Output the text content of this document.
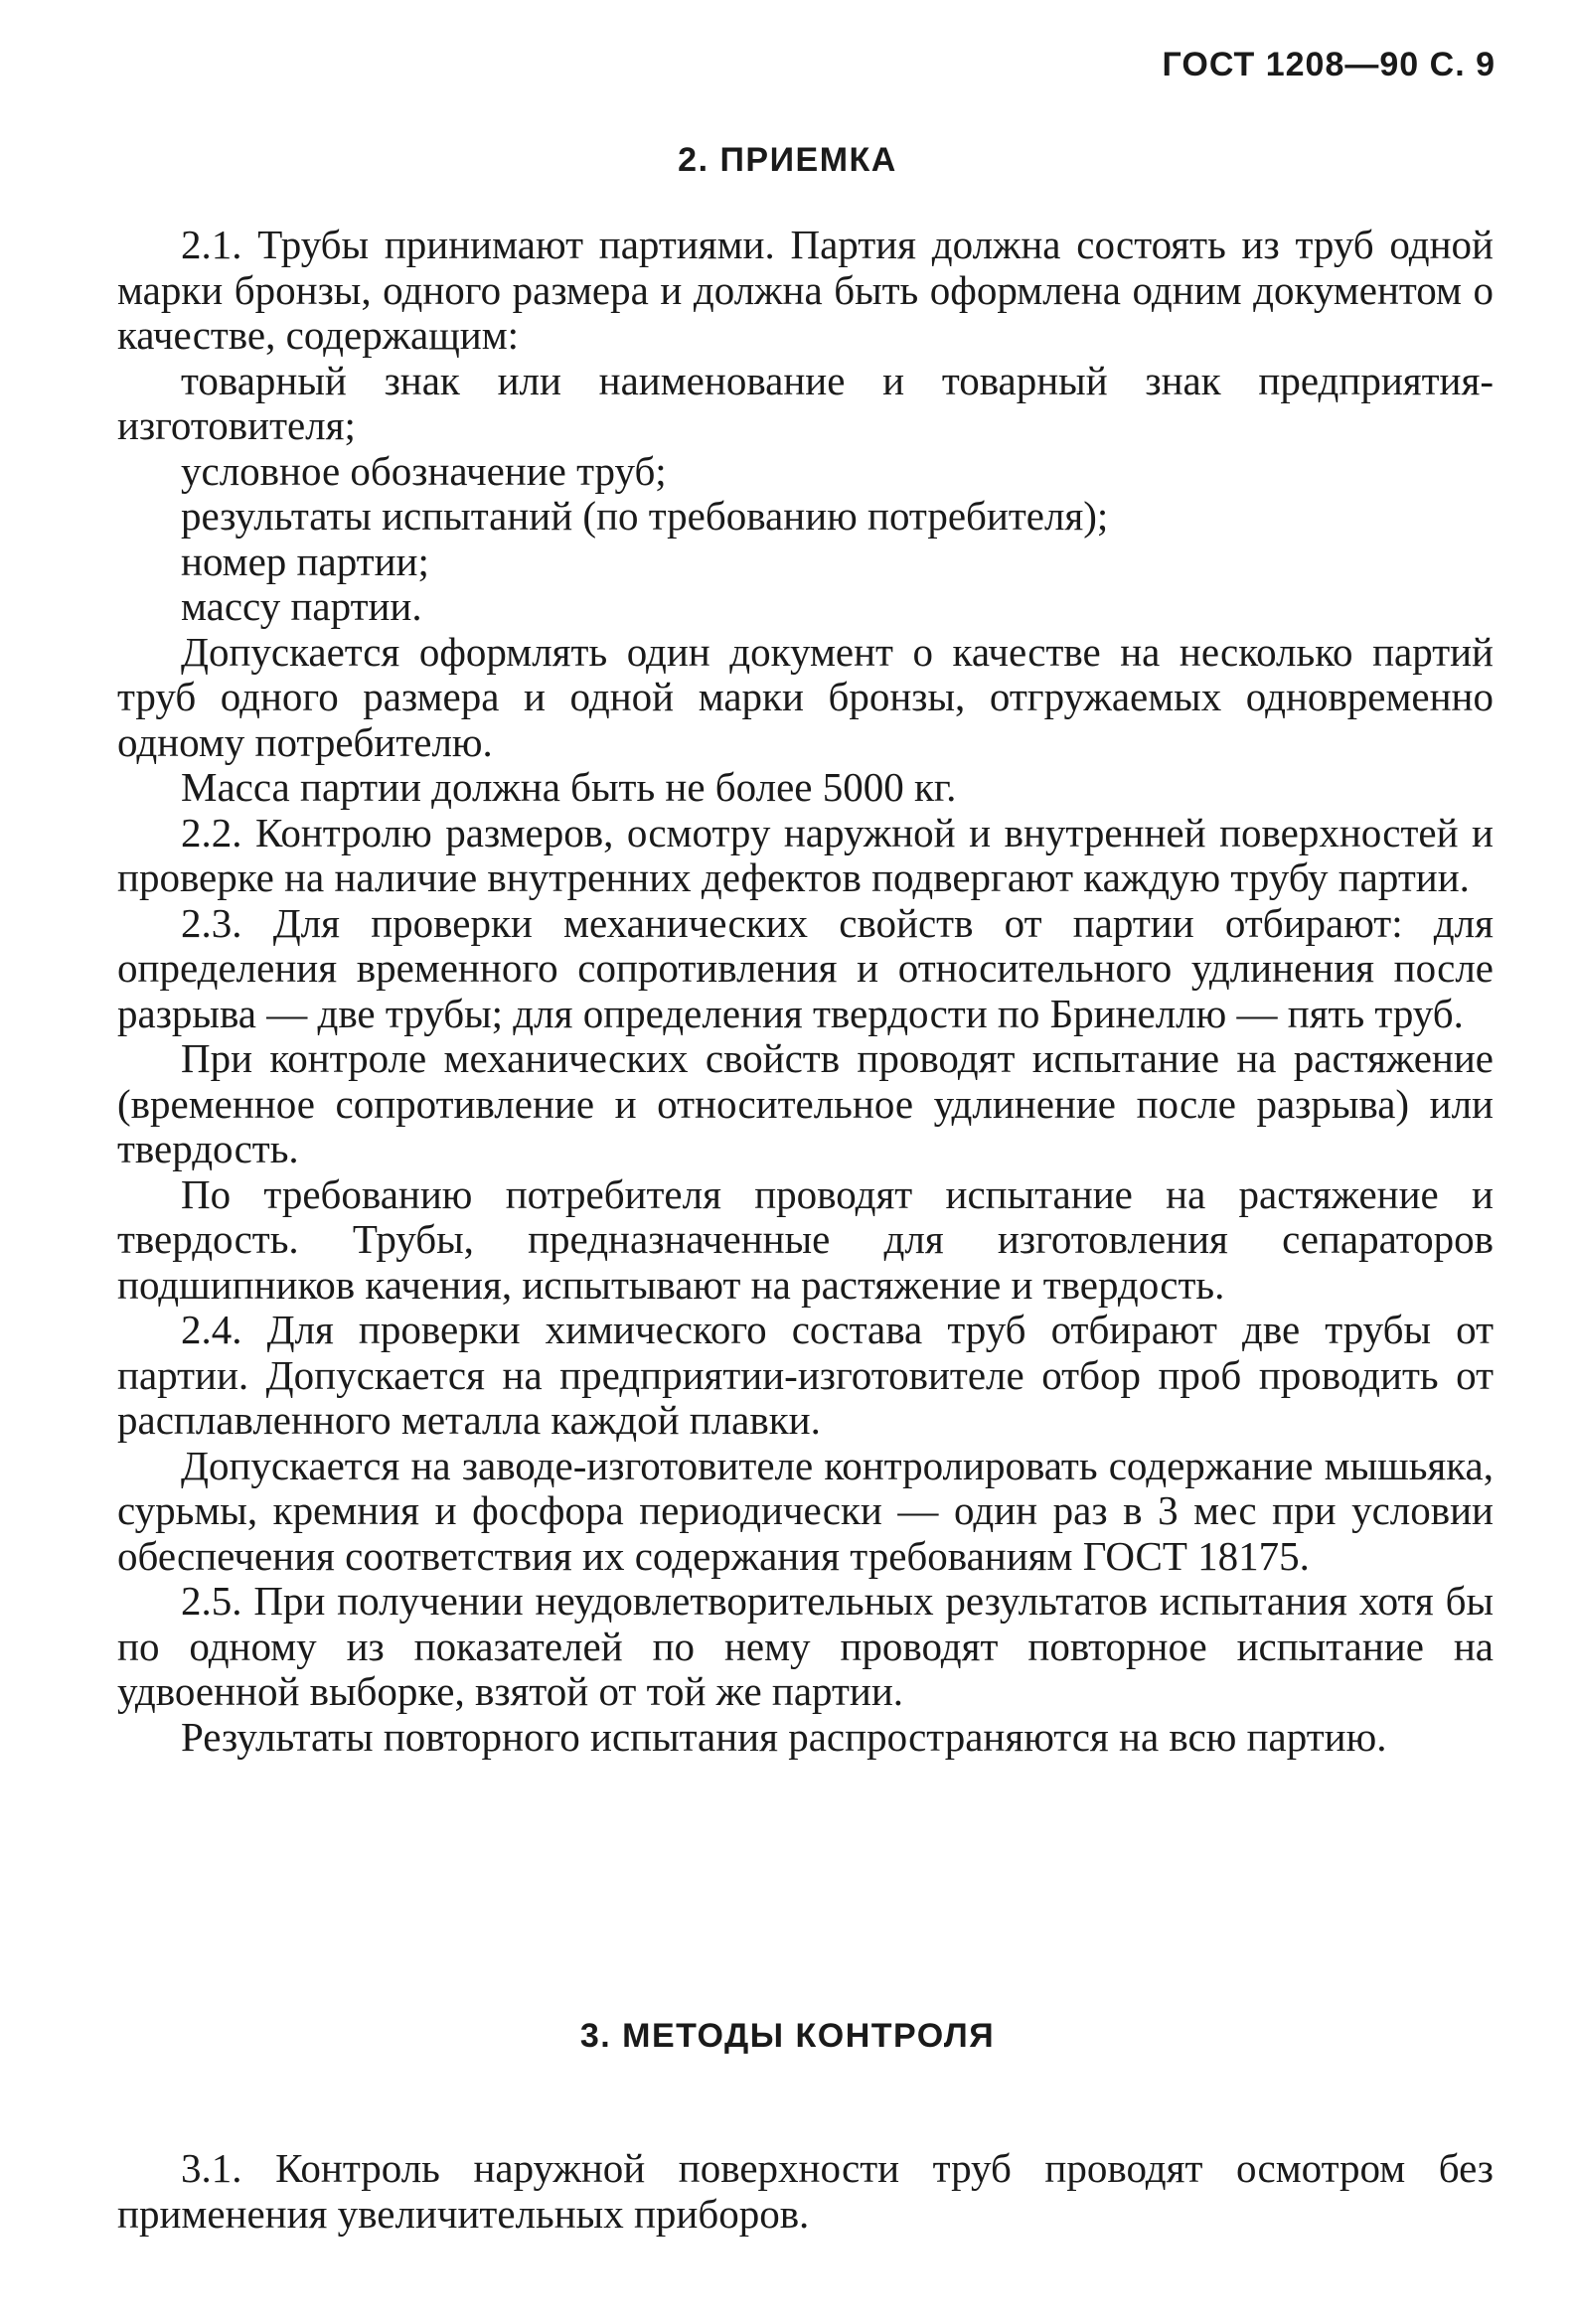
ГОСТ 1208—90 С. 9
2. ПРИЕМКА

2.1. Трубы принимают партиями. Партия должна состоять из труб одной марки бронзы, одного размера и должна быть оформлена одним документом о качестве, содержащим:

товарный знак или наименование и товарный знак предприятия-изготовителя;

условное обозначение труб;

результаты испытаний (по требованию потребителя);

номер партии;

массу партии.

Допускается оформлять один документ о качестве на несколько партий труб одного размера и одной марки бронзы, отгружаемых одновременно одному потребителю.

Масса партии должна быть не более 5000 кг.

2.2. Контролю размеров, осмотру наружной и внутренней поверхностей и проверке на наличие внутренних дефектов подвергают каждую трубу партии.

2.3. Для проверки механических свойств от партии отбирают: для определения временного сопротивления и относительного удлинения после разрыва — две трубы; для определения твердости по Бринеллю — пять труб.

При контроле механических свойств проводят испытание на растяжение (временное сопротивление и относительное удлинение после разрыва) или твердость.

По требованию потребителя проводят испытание на растяжение и твердость. Трубы, предназначенные для изготовления сепараторов подшипников качения, испытывают на растяжение и твердость.

2.4. Для проверки химического состава труб отбирают две трубы от партии. Допускается на предприятии-изготовителе отбор проб проводить от расплавленного металла каждой плавки.

Допускается на заводе-изготовителе контролировать содержание мышьяка, сурьмы, кремния и фосфора периодически — один раз в 3 мес при условии обеспечения соответствия их содержания требованиям ГОСТ 18175.

2.5. При получении неудовлетворительных результатов испытания хотя бы по одному из показателей по нему проводят повторное испытание на удвоенной выборке, взятой от той же партии.

Результаты повторного испытания распространяются на всю партию.

3. МЕТОДЫ КОНТРОЛЯ

3.1. Контроль наружной поверхности труб проводят осмотром без применения увеличительных приборов.
